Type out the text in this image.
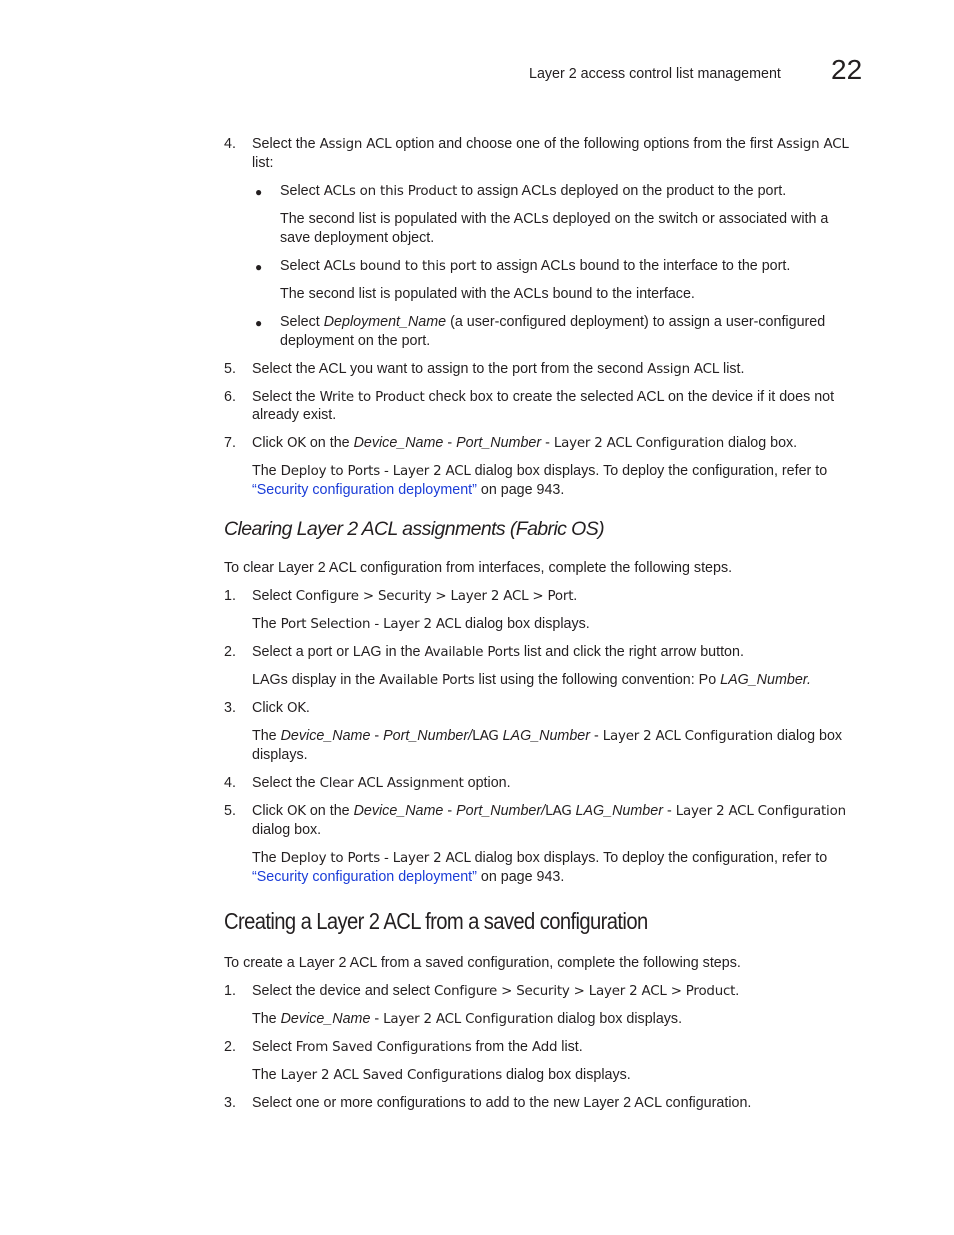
Layer 2 access control list management 22
4. Select the Assign ACL option and choose one of the following options from the first Assign ACL
list:
● Select ACLs on this Product to assign ACLs deployed on the product to the port.
The second list is populated with the ACLs deployed on the switch or associated with a
save deployment object.
● Select ACLs bound to this port to assign ACLs bound to the interface to the port.
The second list is populated with the ACLs bound to the interface.
● Select Deployment_Name (a user-configured deployment) to assign a user-configured
deployment on the port.
5. Select the ACL you want to assign to the port from the second Assign ACL list.
6. Select the Write to Product check box to create the selected ACL on the device if it does not
already exist.
7. Click OK on the Device_Name - Port_Number - Layer 2 ACL Configuration dialog box.
The Deploy to Ports - Layer 2 ACL dialog box displays. To deploy the configuration, refer to
“Security configuration deployment” on page 943.
Clearing Layer 2 ACL assignments (Fabric OS)
To clear Layer 2 ACL configuration from interfaces, complete the following steps.
1. Select Configure > Security > Layer 2 ACL > Port.
The Port Selection - Layer 2 ACL dialog box displays.
2. Select a port or LAG in the Available Ports list and click the right arrow button.
LAGs display in the Available Ports list using the following convention: Po LAG_Number.
3. Click OK.
The Device_Name - Port_Number/LAG LAG_Number - Layer 2 ACL Configuration dialog box
displays.
4. Select the Clear ACL Assignment option.
5. Click OK on the Device_Name - Port_Number/LAG LAG_Number - Layer 2 ACL Configuration
dialog box.
The Deploy to Ports - Layer 2 ACL dialog box displays. To deploy the configuration, refer to
“Security configuration deployment” on page 943.
Creating a Layer 2 ACL from a saved configuration
To create a Layer 2 ACL from a saved configuration, complete the following steps.
1. Select the device and select Configure > Security > Layer 2 ACL > Product.
The Device_Name - Layer 2 ACL Configuration dialog box displays.
2. Select From Saved Configurations from the Add list.
The Layer 2 ACL Saved Configurations dialog box displays.
3. Select one or more configurations to add to the new Layer 2 ACL configuration.
